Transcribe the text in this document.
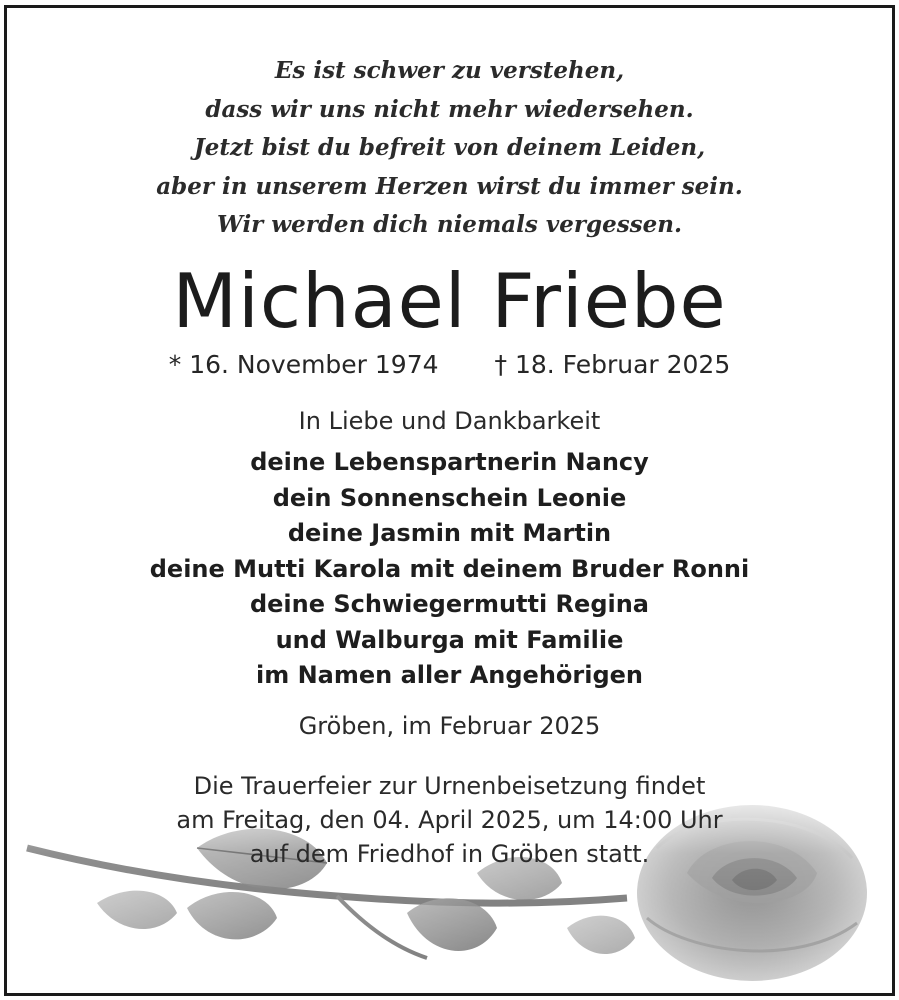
Es ist schwer zu verstehen,
dass wir uns nicht mehr wiedersehen.
Jetzt bist du befreit von deinem Leiden,
aber in unserem Herzen wirst du immer sein.
Wir werden dich niemals vergessen.
Michael Friebe
* 16. November 1974 † 18. Februar 2025
In Liebe und Dankbarkeit
deine Lebenspartnerin Nancy
dein Sonnenschein Leonie
deine Jasmin mit Martin
deine Mutti Karola mit deinem Bruder Ronni
deine Schwiegermutti Regina
und Walburga mit Familie
im Namen aller Angehörigen
Gröben, im Februar 2025
Die Trauerfeier zur Urnenbeisetzung findet
am Freitag, den 04. April 2025, um 14:00 Uhr
auf dem Friedhof in Gröben statt.
